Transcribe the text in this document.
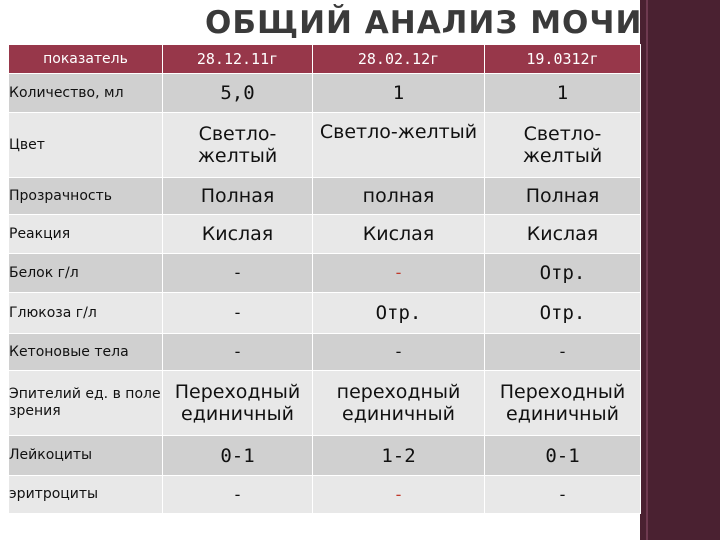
ОБЩИЙ АНАЛИЗ МОЧИ
показатель	28.12.11г	28.02.12г	19.0312г
Количество, мл	5,0	1	1
Цвет	Светло-желтый	Светло-желтый	Светло-желтый
Прозрачность	Полная	полная	Полная
Реакция	Кислая	Кислая	Кислая
Белок г/л	-	-	Отр.
Глюкоза г/л	-	Отр.	Отр.
Кетоновые тела	-	-	-
Эпителий ед. в поле зрения	Переходный единичный	переходный единичный	Переходный единичный
Лейкоциты	0-1	1-2	0-1
эритроциты	-	-	-
